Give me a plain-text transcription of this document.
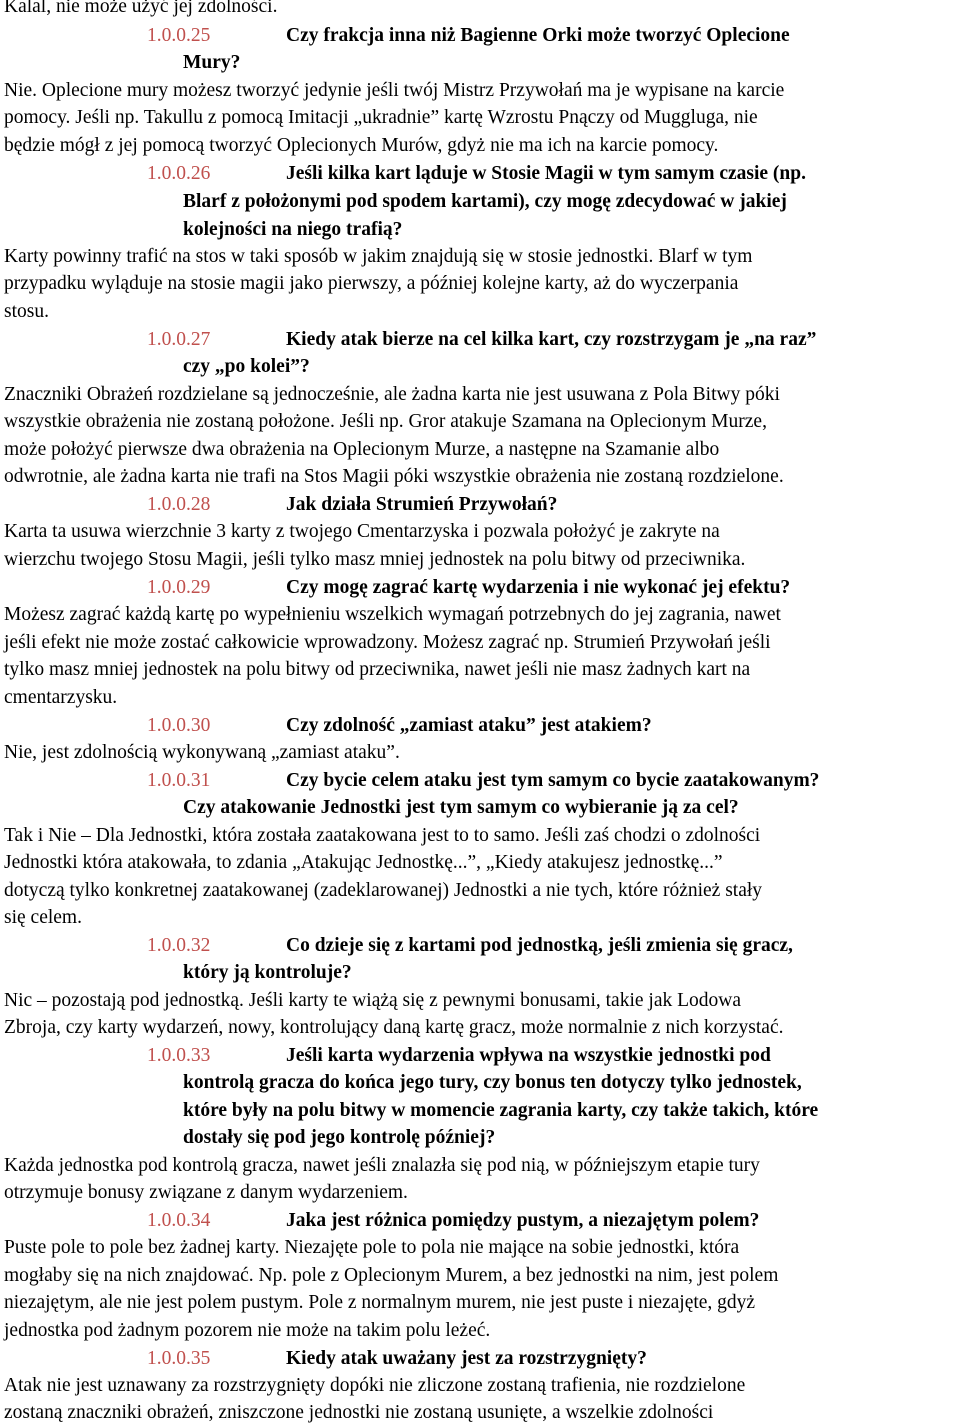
Kalal, nie może użyć jej zdolności.
1.0.0.25	Czy frakcja inna niż Bagienne Orki może tworzyć Oplecione
Mury?
Nie. Oplecione mury możesz tworzyć jedynie jeśli twój Mistrz Przywołań ma je wypisane na karcie
pomocy. Jeśli np. Takullu z pomocą Imitacji „ukradnie” kartę Wzrostu Pnączy od Muggluga, nie
będzie mógł z jej pomocą tworzyć Oplecionych Murów, gdyż nie ma ich na karcie pomocy.
1.0.0.26	Jeśli kilka kart ląduje w Stosie Magii w tym samym czasie (np.
Blarf z położonymi pod spodem kartami), czy mogę zdecydować w jakiej
kolejności na niego trafią?
Karty powinny trafić na stos w taki sposób w jakim znajdują się w stosie jednostki. Blarf w tym
przypadku wyląduje na stosie magii jako pierwszy, a później kolejne karty, aż do wyczerpania
stosu.
1.0.0.27	Kiedy atak bierze na cel kilka kart, czy rozstrzygam je „na raz”
czy „po kolei”?
Znaczniki Obrażeń rozdzielane są jednocześnie, ale żadna karta nie jest usuwana z Pola Bitwy póki
wszystkie obrażenia nie zostaną położone. Jeśli np. Gror atakuje Szamana na Oplecionym Murze,
może położyć pierwsze dwa obrażenia na Oplecionym Murze, a następne na Szamanie albo
odwrotnie, ale żadna karta nie trafi na Stos Magii póki wszystkie obrażenia nie zostaną rozdzielone.
1.0.0.28	Jak działa Strumień Przywołań?
Karta ta usuwa wierzchnie 3 karty z twojego Cmentarzyska i pozwala położyć je zakryte na
wierzchu twojego Stosu Magii, jeśli tylko masz mniej jednostek na polu bitwy od przeciwnika.
1.0.0.29	Czy mogę zagrać kartę wydarzenia i nie wykonać jej efektu?
Możesz zagrać każdą kartę po wypełnieniu wszelkich wymagań potrzebnych do jej zagrania, nawet
jeśli efekt nie może zostać całkowicie wprowadzony. Możesz zagrać np. Strumień Przywołań jeśli
tylko masz mniej jednostek na polu bitwy od przeciwnika, nawet jeśli nie masz żadnych kart na
cmentarzysku.
1.0.0.30	Czy zdolność „zamiast ataku” jest atakiem?
Nie, jest zdolnością wykonywaną „zamiast ataku”.
1.0.0.31	Czy bycie celem ataku jest tym samym co bycie zaatakowanym?
Czy atakowanie Jednostki jest tym samym co wybieranie ją za cel?
Tak i Nie – Dla Jednostki, która została zaatakowana jest to to samo. Jeśli zaś chodzi o zdolności
Jednostki która atakowała, to zdania „Atakując Jednostkę...”, „Kiedy atakujesz jednostkę...”
dotyczą tylko konkretnej zaatakowanej (zadeklarowanej) Jednostki a nie tych, które różnież stały
się celem.
1.0.0.32	Co dzieje się z kartami pod jednostką, jeśli zmienia się gracz,
który ją kontroluje?
Nic – pozostają pod jednostką. Jeśli karty te wiążą się z pewnymi bonusami, takie jak Lodowa
Zbroja, czy karty wydarzeń, nowy, kontrolujący daną kartę gracz, może normalnie z nich korzystać.
1.0.0.33	Jeśli karta wydarzenia wpływa na wszystkie jednostki pod
kontrolą gracza do końca jego tury, czy bonus ten dotyczy tylko jednostek,
które były na polu bitwy w momencie zagrania karty, czy także takich, które
dostały się pod jego kontrolę później?
Każda jednostka pod kontrolą gracza, nawet jeśli znalazła się pod nią, w późniejszym etapie tury
otrzymuje bonusy związane z danym wydarzeniem.
1.0.0.34	Jaka jest różnica pomiędzy pustym, a niezajętym polem?
Puste pole to pole bez żadnej karty. Niezajęte pole to pola nie mające na sobie jednostki, która
mogłaby się na nich znajdować. Np. pole z Oplecionym Murem, a bez jednostki na nim, jest polem
niezajętym, ale nie jest polem pustym. Pole z normalnym murem, nie jest puste i niezajęte, gdyż
jednostka pod żadnym pozorem nie może na takim polu leżeć.
1.0.0.35	Kiedy atak uważany jest za rozstrzygnięty?
Atak nie jest uznawany za rozstrzygnięty dopóki nie zliczone zostaną trafienia, nie rozdzielone
zostaną znaczniki obrażeń, zniszczone jednostki nie zostaną usunięte, a wszelkie zdolności
